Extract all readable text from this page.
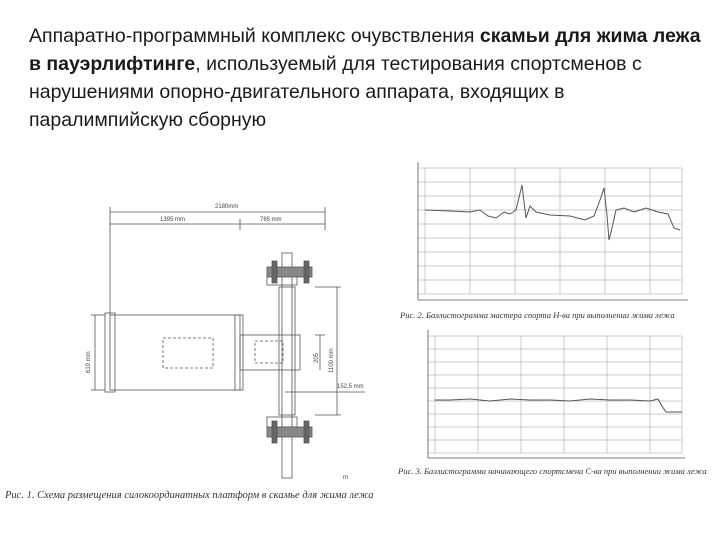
Аппаратно-программный комплекс очувствления скамьи для жима лежа в пауэрлифтинге, используемый для тестирования спортсменов с нарушениями опорно-двигательного аппарата, входящих в паралимпийскую сборную
2180mm
1395 mm	785 mm
610 mm	205 1100 mm
152,5 mm
m
Рис. 1. Схема размещения силокоординатных платформ в скамье для жима лежа
Рис. 2. Баллистограмма мастера спорта Н-ва при выполнении жима лежа
Рис. 3. Баллистограмма начинающего спортсмена С-ва при выполнении жима лежа
